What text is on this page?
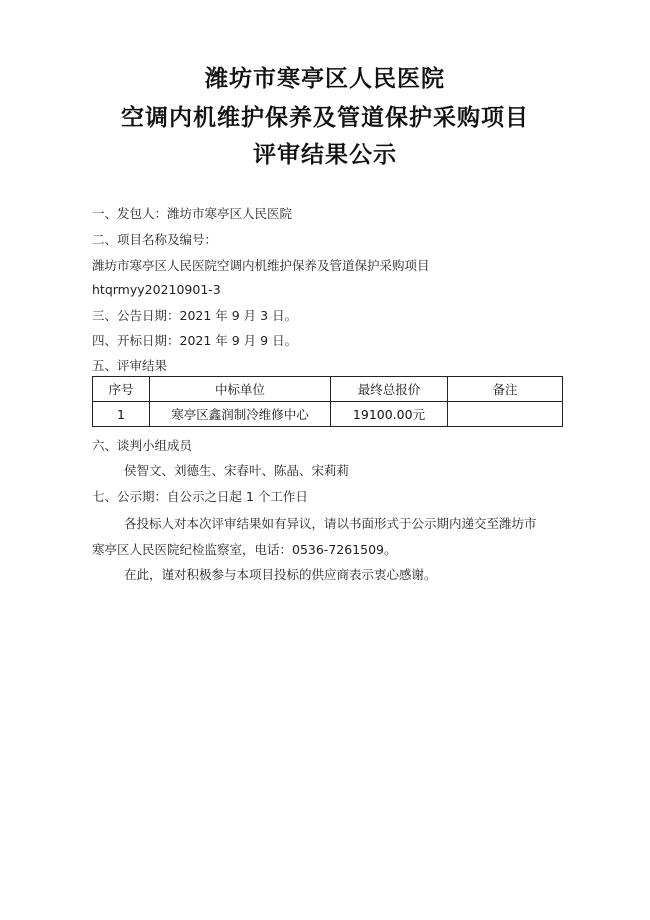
潍坊市寒亭区人民医院
空调内机维护保养及管道保护采购项目
评审结果公示
一、发包人：潍坊市寒亭区人民医院
二、项目名称及编号：
潍坊市寒亭区人民医院空调内机维护保养及管道保护采购项目
htqrmyy20210901-3
三、公告日期：2021 年 9 月 3 日。
四、开标日期：2021 年 9 月 9 日。
五、评审结果
序号	中标单位	最终总报价	备注
1	寒亭区鑫润制冷维修中心	19100.00元	
六、谈判小组成员
侯智文、刘德生、宋春叶、陈晶、宋莉莉
七、公示期：自公示之日起 1 个工作日
各投标人对本次评审结果如有异议，请以书面形式于公示期内递交至潍坊市
寒亭区人民医院纪检监察室，电话：0536-7261509。
在此，谨对积极参与本项目投标的供应商表示衷心感谢。
